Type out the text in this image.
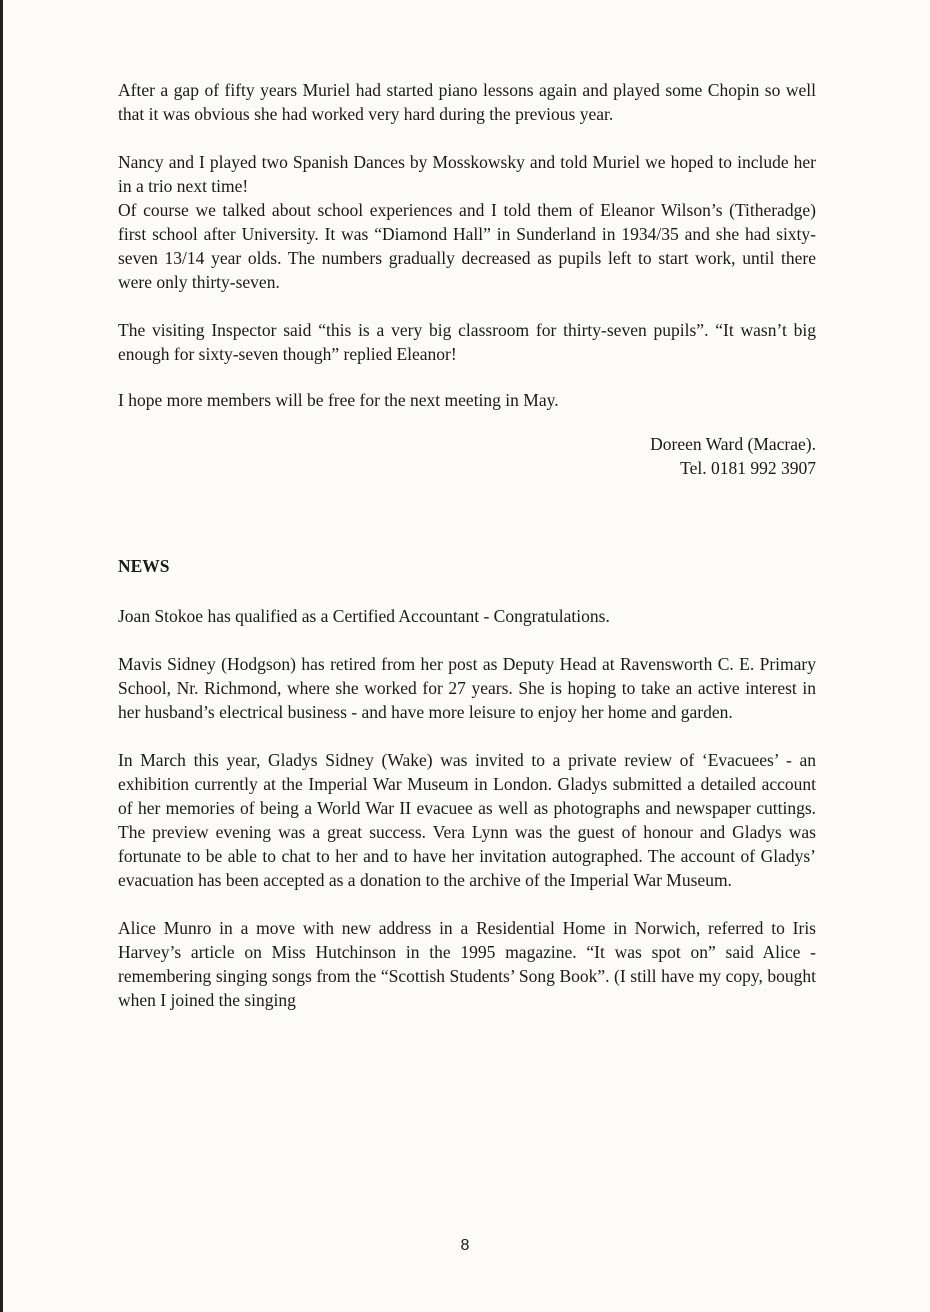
After a gap of fifty years Muriel had started piano lessons again and played some Chopin so well that it was obvious she had worked very hard during the previous year.

Nancy and I played two Spanish Dances by Mosskowsky and told Muriel we hoped to include her in a trio next time!

Of course we talked about school experiences and I told them of Eleanor Wilson’s (Titheradge) first school after University. It was “Diamond Hall” in Sunderland in 1934/35 and she had sixty-seven 13/14 year olds. The numbers gradually decreased as pupils left to start work, until there were only thirty-seven.

The visiting Inspector said “this is a very big classroom for thirty-seven pupils”. “It wasn’t big enough for sixty-seven though” replied Eleanor!

I hope more members will be free for the next meeting in May.

Doreen Ward (Macrae).
Tel. 0181 992 3907
NEWS

Joan Stokoe has qualified as a Certified Accountant - Congratulations.

Mavis Sidney (Hodgson) has retired from her post as Deputy Head at Ravensworth C. E. Primary School, Nr. Richmond, where she worked for 27 years. She is hoping to take an active interest in her husband’s electrical business - and have more leisure to enjoy her home and garden.

In March this year, Gladys Sidney (Wake) was invited to a private review of ‘Evacuees’ - an exhibition currently at the Imperial War Museum in London. Gladys submitted a detailed account of her memories of being a World War II evacuee as well as photographs and newspaper cuttings. The preview evening was a great success. Vera Lynn was the guest of honour and Gladys was fortunate to be able to chat to her and to have her invitation autographed. The account of Gladys’ evacuation has been accepted as a donation to the archive of the Imperial War Museum.

Alice Munro in a move with new address in a Residential Home in Norwich, referred to Iris Harvey’s article on Miss Hutchinson in the 1995 magazine. “It was spot on” said Alice - remembering singing songs from the “Scottish Students’ Song Book”. (I still have my copy, bought when I joined the singing

8
